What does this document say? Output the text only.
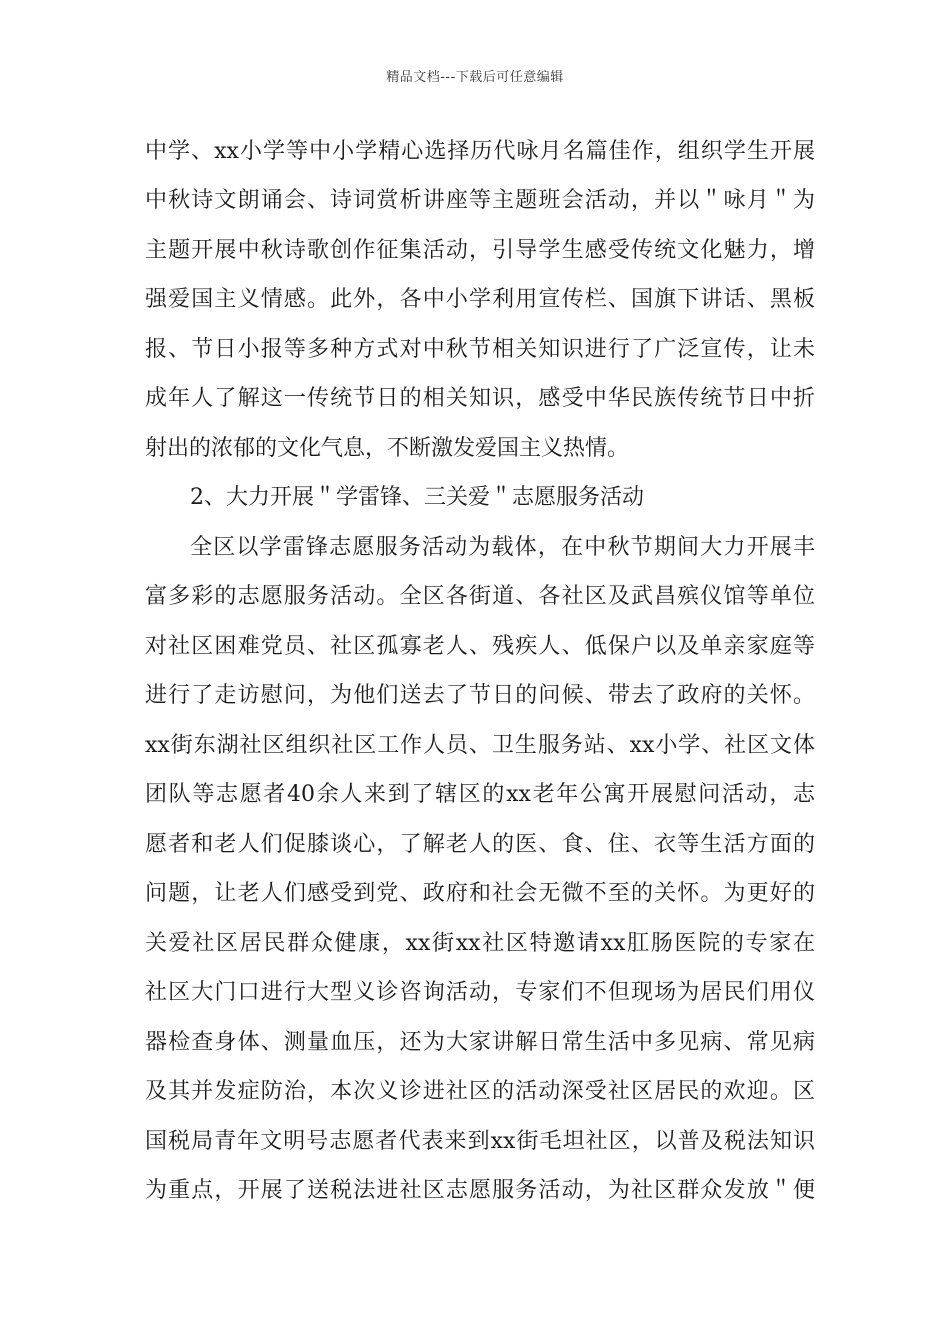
精品文档---下载后可任意编辑
中学、xx小学等中小学精心选择历代咏月名篇佳作，组织学生开展
中秋诗文朗诵会、诗词赏析讲座等主题班会活动，并以＂咏月＂为
主题开展中秋诗歌创作征集活动，引导学生感受传统文化魅力，增
强爱国主义情感。此外，各中小学利用宣传栏、国旗下讲话、黑板
报、节日小报等多种方式对中秋节相关知识进行了广泛宣传，让未
成年人了解这一传统节日的相关知识，感受中华民族传统节日中折
射出的浓郁的文化气息，不断激发爱国主义热情。
2、大力开展＂学雷锋、三关爱＂志愿服务活动
全区以学雷锋志愿服务活动为载体，在中秋节期间大力开展丰
富多彩的志愿服务活动。全区各街道、各社区及武昌殡仪馆等单位
对社区困难党员、社区孤寡老人、残疾人、低保户以及单亲家庭等
进行了走访慰问，为他们送去了节日的问候、带去了政府的关怀。
xx街东湖社区组织社区工作人员、卫生服务站、xx小学、社区文体
团队等志愿者40余人来到了辖区的xx老年公寓开展慰问活动，志
愿者和老人们促膝谈心，了解老人的医、食、住、衣等生活方面的
问题，让老人们感受到党、政府和社会无微不至的关怀。为更好的
关爱社区居民群众健康，xx街xx社区特邀请xx肛肠医院的专家在
社区大门口进行大型义诊咨询活动，专家们不但现场为居民们用仪
器检查身体、测量血压，还为大家讲解日常生活中多见病、常见病
及其并发症防治，本次义诊进社区的活动深受社区居民的欢迎。区
国税局青年文明号志愿者代表来到xx街毛坦社区，以普及税法知识
为重点，开展了送税法进社区志愿服务活动，为社区群众发放＂便
